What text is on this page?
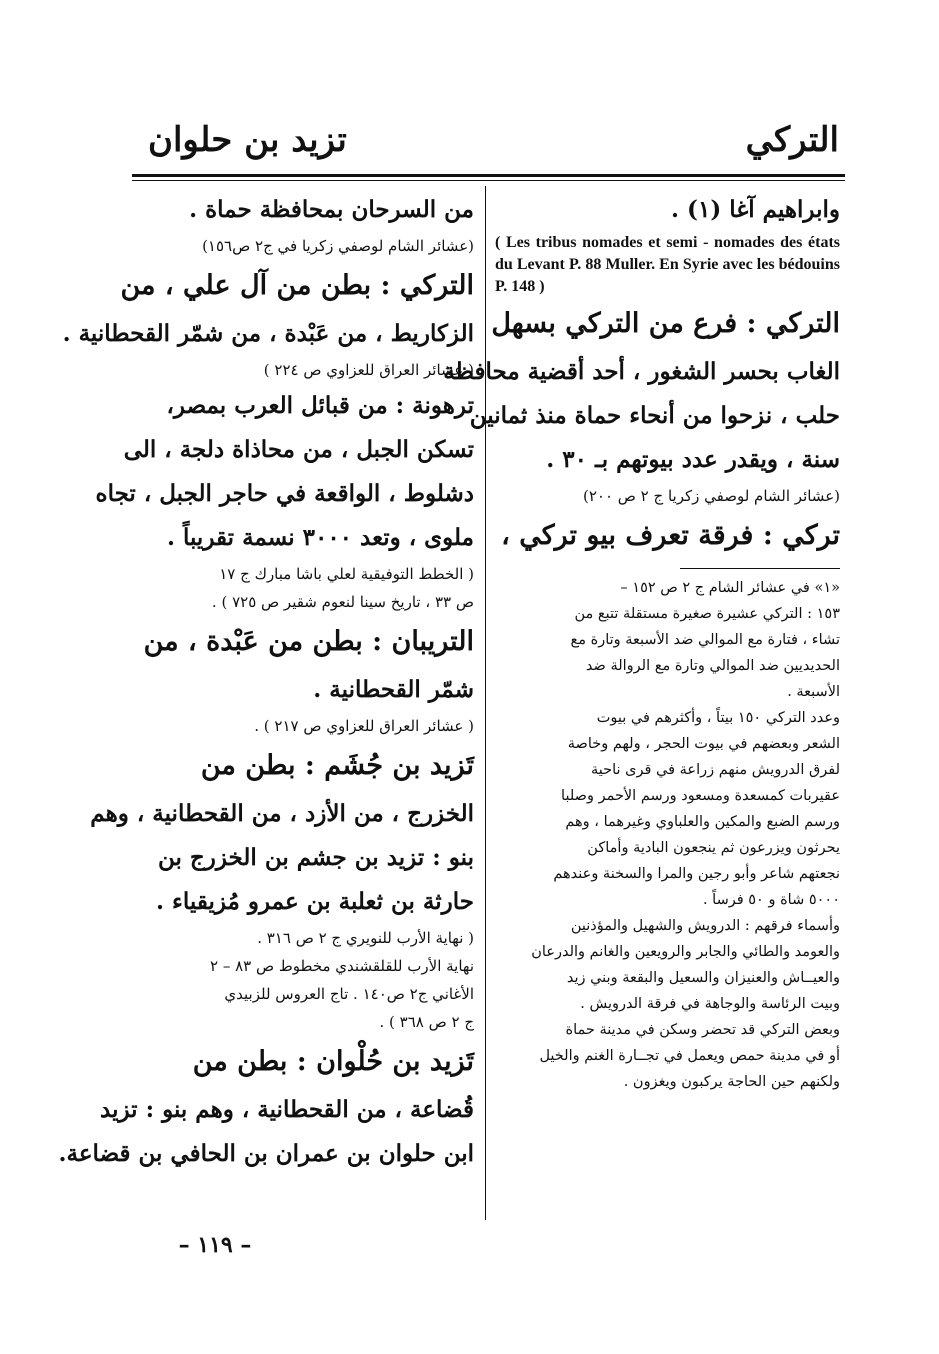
تزيد بن حلوان	التركي
من السرحان بمحافظة حماة .
(عشائر الشام لوصفي زكريا في ج٢ ص١٥٦)
التركي : بطن من آل علي ، من
الزكاريط ، من عَبْدة ، من شمّر القحطانية .
( عشائر العراق للعزاوي ص ٢٢٤ )
ترهونة : من قبائل العرب بمصر،
تسكن الجبل ، من محاذاة دلجة ، الى
دشلوط ، الواقعة في حاجر الجبل ، تجاه
ملوى ، وتعد ٣٠٠٠ نسمة تقريباً .
( الخطط التوفيقية لعلي باشا مبارك ج ١٧
ص ٣٣ ، تاريخ سينا لنعوم شقير ص ٧٢٥ ) .
التريبان : بطن من عَبْدة ، من
شمّر القحطانية .
( عشائر العراق للعزاوي ص ٢١٧ ) .
تَزيد بن جُشَم : بطن من
الخزرج ، من الأزد ، من القحطانية ، وهم
بنو : تزيد بن جشم بن الخزرج بن
حارثة بن ثعلبة بن عمرو مُزيقياء .
( نهاية الأرب للنويري ج ٢ ص ٣١٦ .
نهاية الأرب للقلقشندي مخطوط ص ٨٣ – ٢
الأغاني ج٢ ص١٤٠ . تاج العروس للزبيدي
ج ٢ ص ٣٦٨ ) .
تَزيد بن حُلْوان : بطن من
قُضاعة ، من القحطانية ، وهم بنو : تزيد
ابن حلوان بن عمران بن الحافي بن قضاعة.
وابراهيم آغا (١) .
( Les tribus nomades et semi - nomades des états du Levant P. 88 Muller. En Syrie avec les bédouins P. 148 )
التركي : فرع من التركي بسهل
الغاب بحسر الشغور ، أحد أقضية محافظة
حلب ، نزحوا من أنحاء حماة منذ ثمانين
سنة ، ويقدر عدد بيوتهم بـ ٣٠ .
(عشائر الشام لوصفي زكريا ج ٢ ص ٢٠٠)
تركي : فرقة تعرف بيو تركي ،
«١» في عشائر الشام ج ٢ ص ١٥٢ –
١٥٣ : التركي عشيرة صغيرة مستقلة تتبع من
تشاء ، فتارة مع الموالي ضد الأسبعة وتارة مع
الحديديين ضد الموالي وتارة مع الروالة ضد
الأسبعة .
وعدد التركي ١٥٠ بيتاً ، وأكثرهم في بيوت
الشعر وبعضهم في بيوت الحجر ، ولهم وخاصة
لفرق الدرويش منهم زراعة في قرى ناحية
عقيربات كمسعدة ومسعود ورسم الأحمر وصلبا
ورسم الضبع والمكين والعلباوي وغيرهما ، وهم
يحرثون ويزرعون ثم ينجعون البادية وأماكن
نجعتهم شاعر وأبو رجين والمرا والسخنة وعندهم
٥٠٠٠ شاة و ٥٠ فرساً .
وأسماء فرقهم : الدرويش والشهيل والمؤذنين
والعومد والطائي والجابر والرويعين والغانم والدرعان
والعيــاش والعنيزان والسعيل والبقعة وبني زيد
وبيت الرئاسة والوجاهة في فرقة الدرويش .
وبعض التركي قد تحضر وسكن في مدينة حماة
أو في مدينة حمص ويعمل في تجــارة الغنم والخيل
ولكنهم حين الحاجة يركبون ويغزون .
– ١١٩ –
